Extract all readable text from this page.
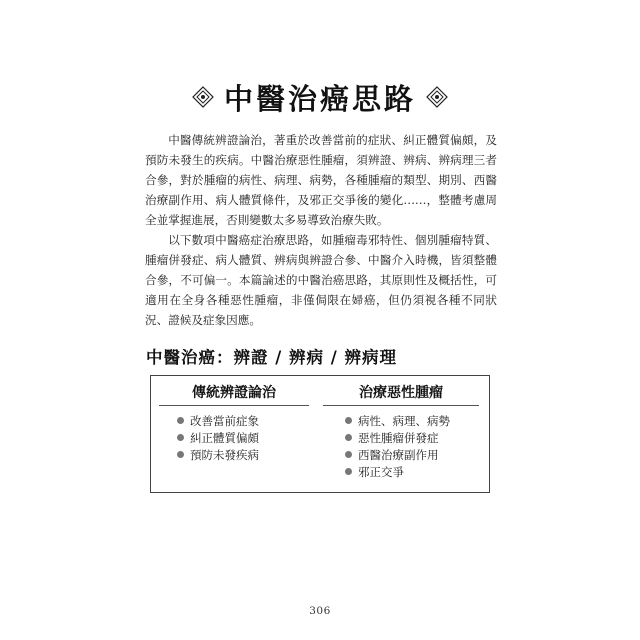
中醫治癌思路

中醫傳統辨證論治，著重於改善當前的症狀、糾正體質偏頗，及預防未發生的疾病。中醫治療惡性腫瘤，須辨證、辨病、辨病理三者合參，對於腫瘤的病性、病理、病勢，各種腫瘤的類型、期別、西醫治療副作用、病人體質條件，及邪正交爭後的變化……，整體考慮周全並掌握進展，否則變數太多易導致治療失敗。

以下數項中醫癌症治療思路，如腫瘤毒邪特性、個別腫瘤特質、腫瘤併發症、病人體質、辨病與辨證合參、中醫介入時機，皆須整體合參，不可偏一。本篇論述的中醫治癌思路，其原則性及概括性，可適用在全身各種惡性腫瘤，非僅侷限在婦癌，但仍須視各種不同狀況、證候及症象因應。

中醫治癌：辨證 / 辨病 / 辨病理
傳統辨證論治
改善當前症象
糾正體質偏頗
預防未發疾病
治療惡性腫瘤
病性、病理、病勢
惡性腫瘤併發症
西醫治療副作用
邪正交爭
306
